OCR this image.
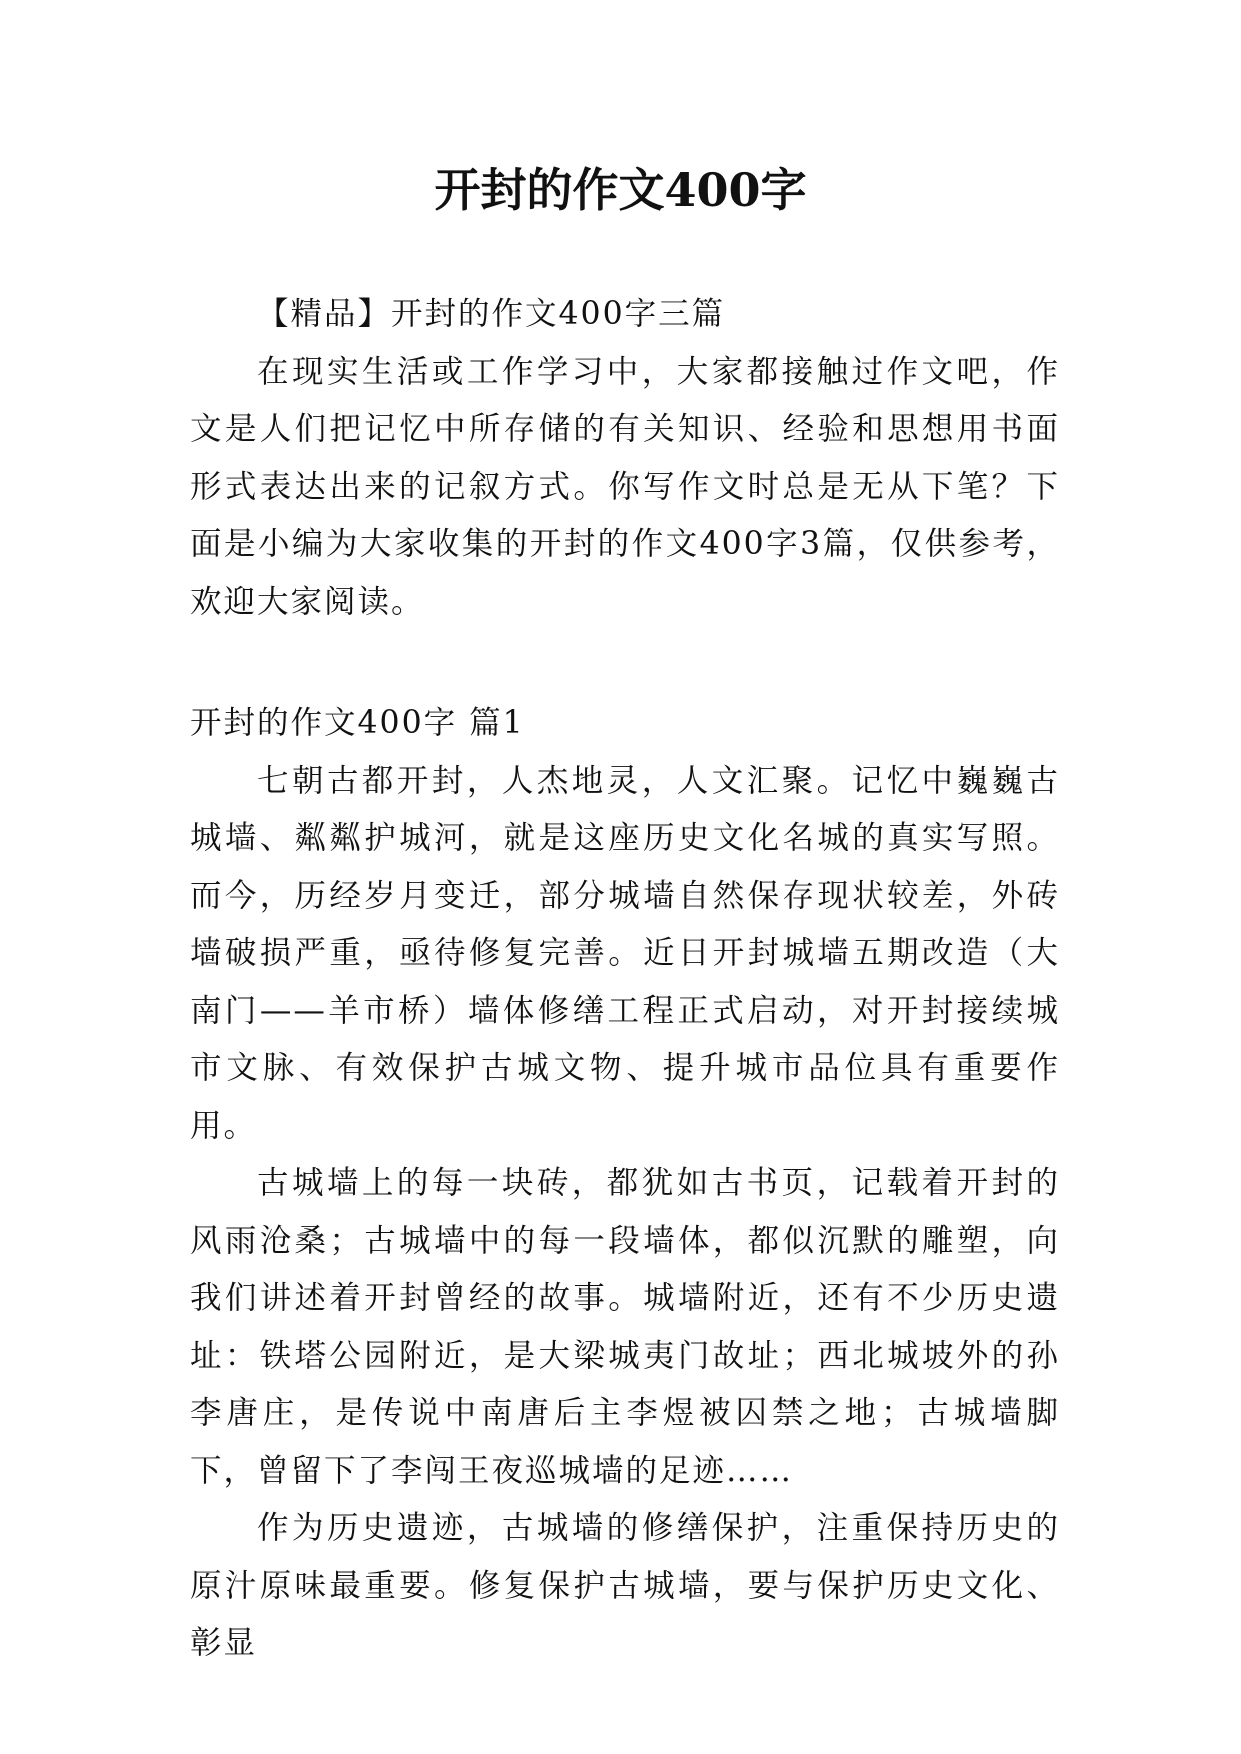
开封的作文400字

【精品】开封的作文400字三篇

在现实生活或工作学习中，大家都接触过作文吧，作文是人们把记忆中所存储的有关知识、经验和思想用书面形式表达出来的记叙方式。你写作文时总是无从下笔？下面是小编为大家收集的开封的作文400字3篇，仅供参考，欢迎大家阅读。

开封的作文400字 篇1

七朝古都开封，人杰地灵，人文汇聚。记忆中巍巍古城墙、粼粼护城河，就是这座历史文化名城的真实写照。而今，历经岁月变迁，部分城墙自然保存现状较差，外砖墙破损严重，亟待修复完善。近日开封城墙五期改造（大南门——羊市桥）墙体修缮工程正式启动，对开封接续城市文脉、有效保护古城文物、提升城市品位具有重要作用。

古城墙上的每一块砖，都犹如古书页，记载着开封的风雨沧桑；古城墙中的每一段墙体，都似沉默的雕塑，向我们讲述着开封曾经的故事。城墙附近，还有不少历史遗址：铁塔公园附近，是大梁城夷门故址；西北城坡外的孙李唐庄，是传说中南唐后主李煜被囚禁之地；古城墙脚下，曾留下了李闯王夜巡城墙的足迹……

作为历史遗迹，古城墙的修缮保护，注重保持历史的原汁原味最重要。修复保护古城墙，要与保护历史文化、彰显
